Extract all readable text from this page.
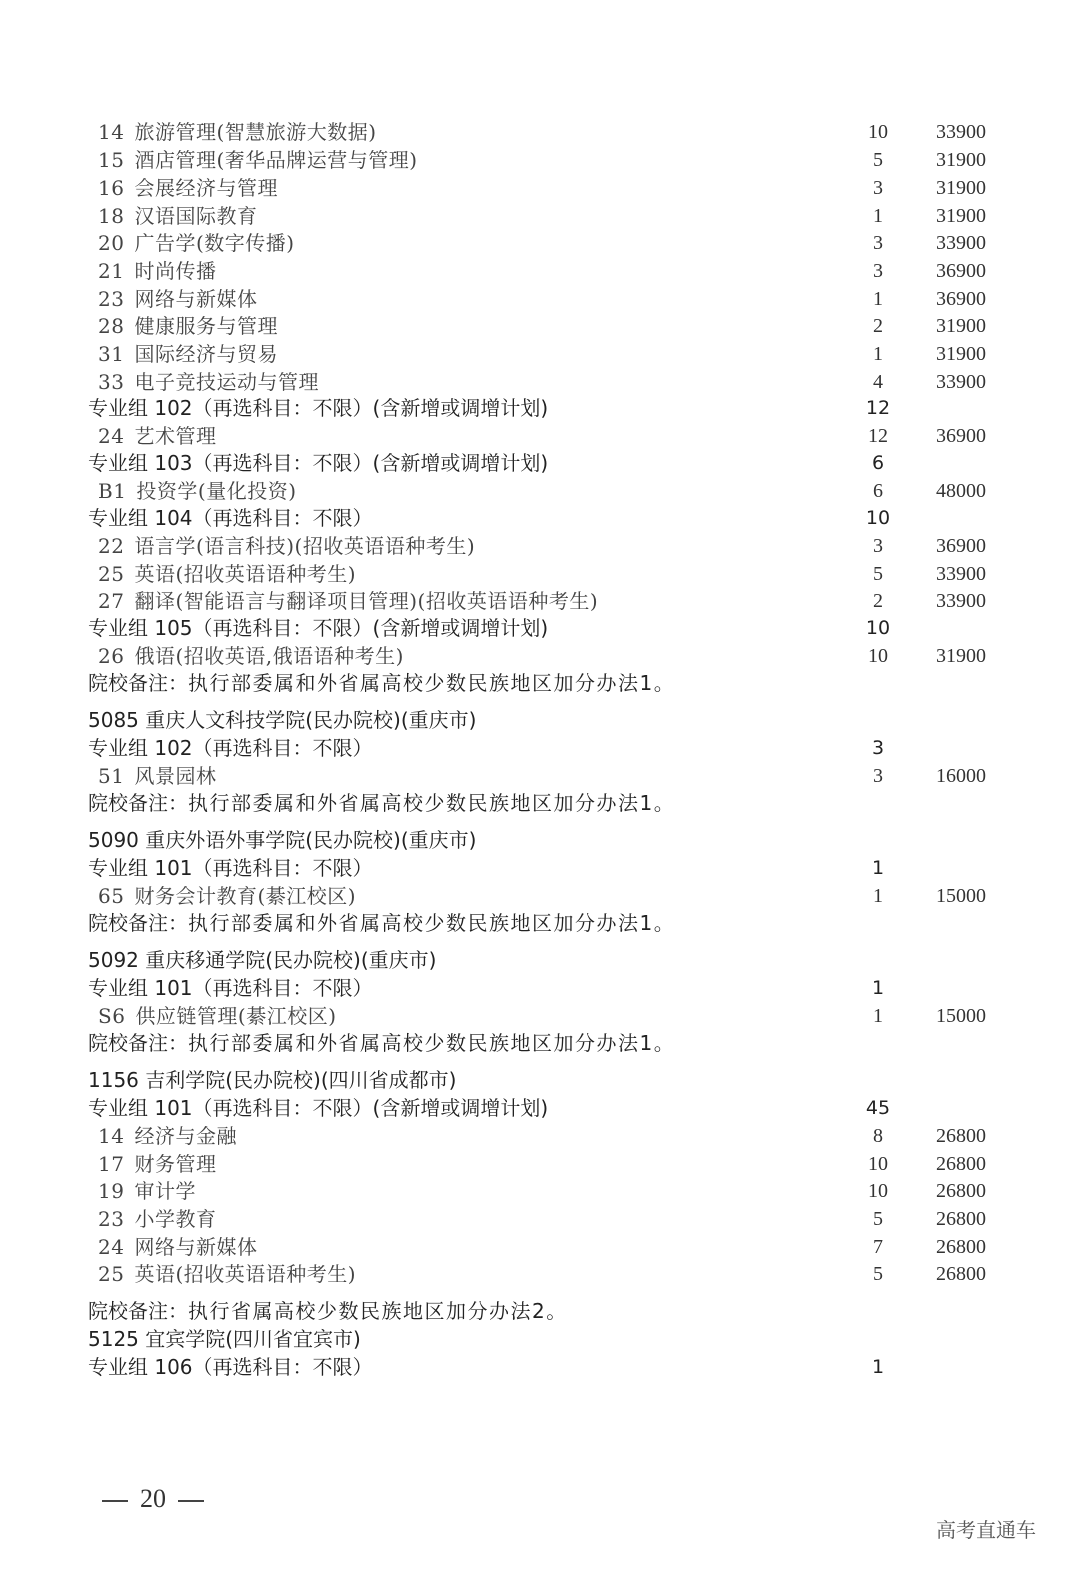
14 旅游管理(智慧旅游大数据)	10	33900
15 酒店管理(奢华品牌运营与管理)	5	31900
16 会展经济与管理	3	31900
18 汉语国际教育	1	31900
20 广告学(数字传播)	3	33900
21 时尚传播	3	36900
23 网络与新媒体	1	36900
28 健康服务与管理	2	31900
31 国际经济与贸易	1	31900
33 电子竞技运动与管理	4	33900
专业组 102（再选科目：不限）(含新增或调增计划)	12
24 艺术管理	12	36900
专业组 103（再选科目：不限）(含新增或调增计划)	6
B1 投资学(量化投资)	6	48000
专业组 104（再选科目：不限）	10
22 语言学(语言科技)(招收英语语种考生)	3	36900
25 英语(招收英语语种考生)	5	33900
27 翻译(智能语言与翻译项目管理)(招收英语语种考生)	2	33900
专业组 105（再选科目：不限）(含新增或调增计划)	10
26 俄语(招收英语,俄语语种考生)	10	31900
院校备注：执行部委属和外省属高校少数民族地区加分办法1。
5085 重庆人文科技学院(民办院校)(重庆市)
专业组 102（再选科目：不限）	3
51 风景园林	3	16000
院校备注：执行部委属和外省属高校少数民族地区加分办法1。
5090 重庆外语外事学院(民办院校)(重庆市)
专业组 101（再选科目：不限）	1
65 财务会计教育(綦江校区)	1	15000
院校备注：执行部委属和外省属高校少数民族地区加分办法1。
5092 重庆移通学院(民办院校)(重庆市)
专业组 101（再选科目：不限）	1
S6 供应链管理(綦江校区)	1	15000
院校备注：执行部委属和外省属高校少数民族地区加分办法1。
1156 吉利学院(民办院校)(四川省成都市)
专业组 101（再选科目：不限）(含新增或调增计划)	45
14 经济与金融	8	26800
17 财务管理	10	26800
19 审计学	10	26800
23 小学教育	5	26800
24 网络与新媒体	7	26800
25 英语(招收英语语种考生)	5	26800
院校备注：执行省属高校少数民族地区加分办法2。
5125 宜宾学院(四川省宜宾市)
专业组 106（再选科目：不限）	1
20
高考直通车
